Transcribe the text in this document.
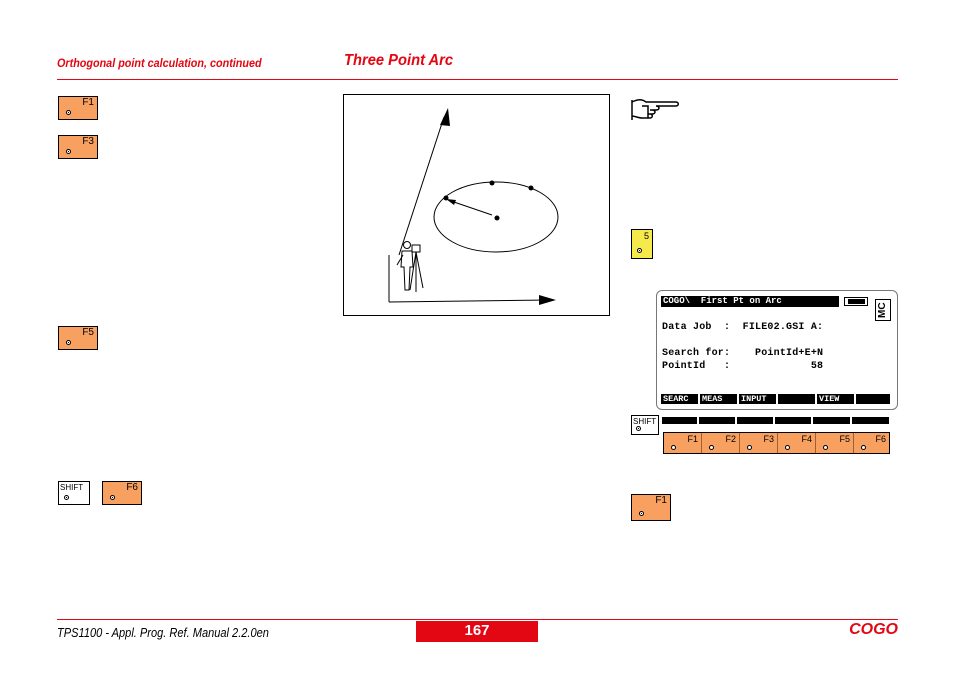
Orthogonal point calculation, continued	Three Point Arc
F1
F3
F5
SHIFT	F6
5
COGO\  First Pt on Arc
MC
Data Job  :  FILE02.GSI A:
Search for:    PointId+E+N
PointId   :             58
SEARC	MEAS	INPUT	VIEW
SHIFT
F1	F2	F3	F4	F5	F6
F1
TPS1100 - Appl. Prog. Ref. Manual 2.2.0en	167	COGO
